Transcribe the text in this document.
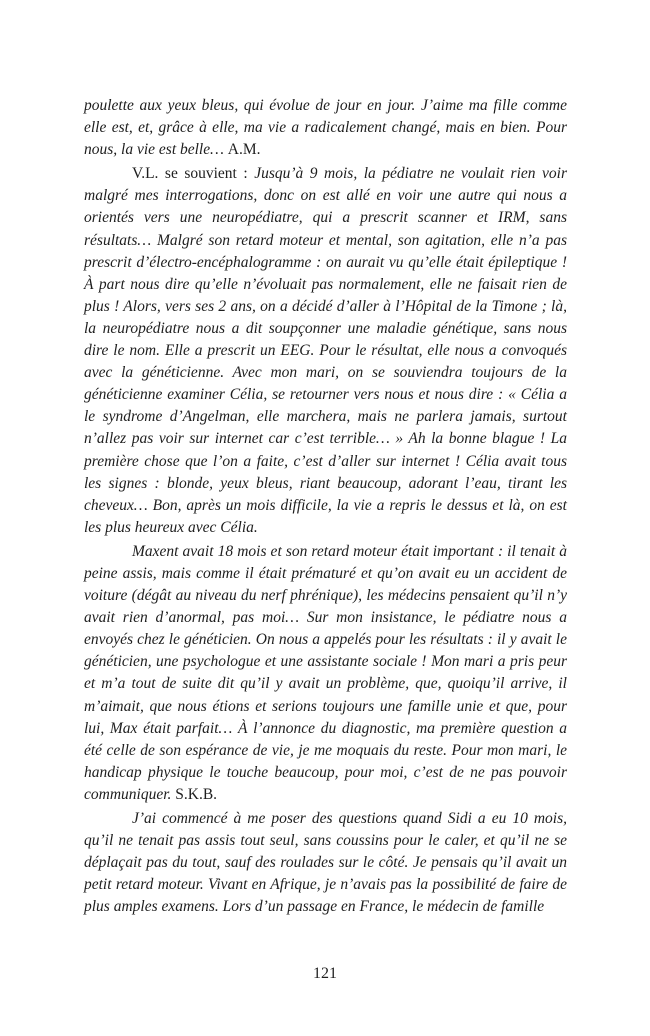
poulette aux yeux bleus, qui évolue de jour en jour. J’aime ma fille comme elle est, et, grâce à elle, ma vie a radicalement changé, mais en bien. Pour nous, la vie est belle… A.M.

V.L. se souvient : Jusqu’à 9 mois, la pédiatre ne voulait rien voir malgré mes interrogations, donc on est allé en voir une autre qui nous a orientés vers une neuropédiatre, qui a prescrit scanner et IRM, sans résultats… Malgré son retard moteur et mental, son agitation, elle n’a pas prescrit d’électro-encéphalogramme : on aurait vu qu’elle était épileptique ! À part nous dire qu’elle n’évoluait pas normalement, elle ne faisait rien de plus ! Alors, vers ses 2 ans, on a décidé d’aller à l’Hôpital de la Timone ; là, la neuropédiatre nous a dit soupçonner une maladie génétique, sans nous dire le nom. Elle a prescrit un EEG. Pour le résultat, elle nous a convoqués avec la généticienne. Avec mon mari, on se souviendra toujours de la généticienne examiner Célia, se retourner vers nous et nous dire : « Célia a le syndrome d’Angelman, elle marchera, mais ne parlera jamais, surtout n’allez pas voir sur internet car c’est terrible… » Ah la bonne blague ! La première chose que l’on a faite, c’est d’aller sur internet ! Célia avait tous les signes : blonde, yeux bleus, riant beaucoup, adorant l’eau, tirant les cheveux… Bon, après un mois difficile, la vie a repris le dessus et là, on est les plus heureux avec Célia.

Maxent avait 18 mois et son retard moteur était important : il tenait à peine assis, mais comme il était prématuré et qu’on avait eu un accident de voiture (dégât au niveau du nerf phrénique), les médecins pensaient qu’il n’y avait rien d’anormal, pas moi… Sur mon insistance, le pédiatre nous a envoyés chez le généticien. On nous a appelés pour les résultats : il y avait le généticien, une psychologue et une assistante sociale ! Mon mari a pris peur et m’a tout de suite dit qu’il y avait un problème, que, quoiqu’il arrive, il m’aimait, que nous étions et serions toujours une famille unie et que, pour lui, Max était parfait… À l’annonce du diagnostic, ma première question a été celle de son espérance de vie, je me moquais du reste. Pour mon mari, le handicap physique le touche beaucoup, pour moi, c’est de ne pas pouvoir communiquer. S.K.B.

J’ai commencé à me poser des questions quand Sidi a eu 10 mois, qu’il ne tenait pas assis tout seul, sans coussins pour le caler, et qu’il ne se déplaçait pas du tout, sauf des roulades sur le côté. Je pensais qu’il avait un petit retard moteur. Vivant en Afrique, je n’avais pas la possibilité de faire de plus amples examens. Lors d’un passage en France, le médecin de famille

121
